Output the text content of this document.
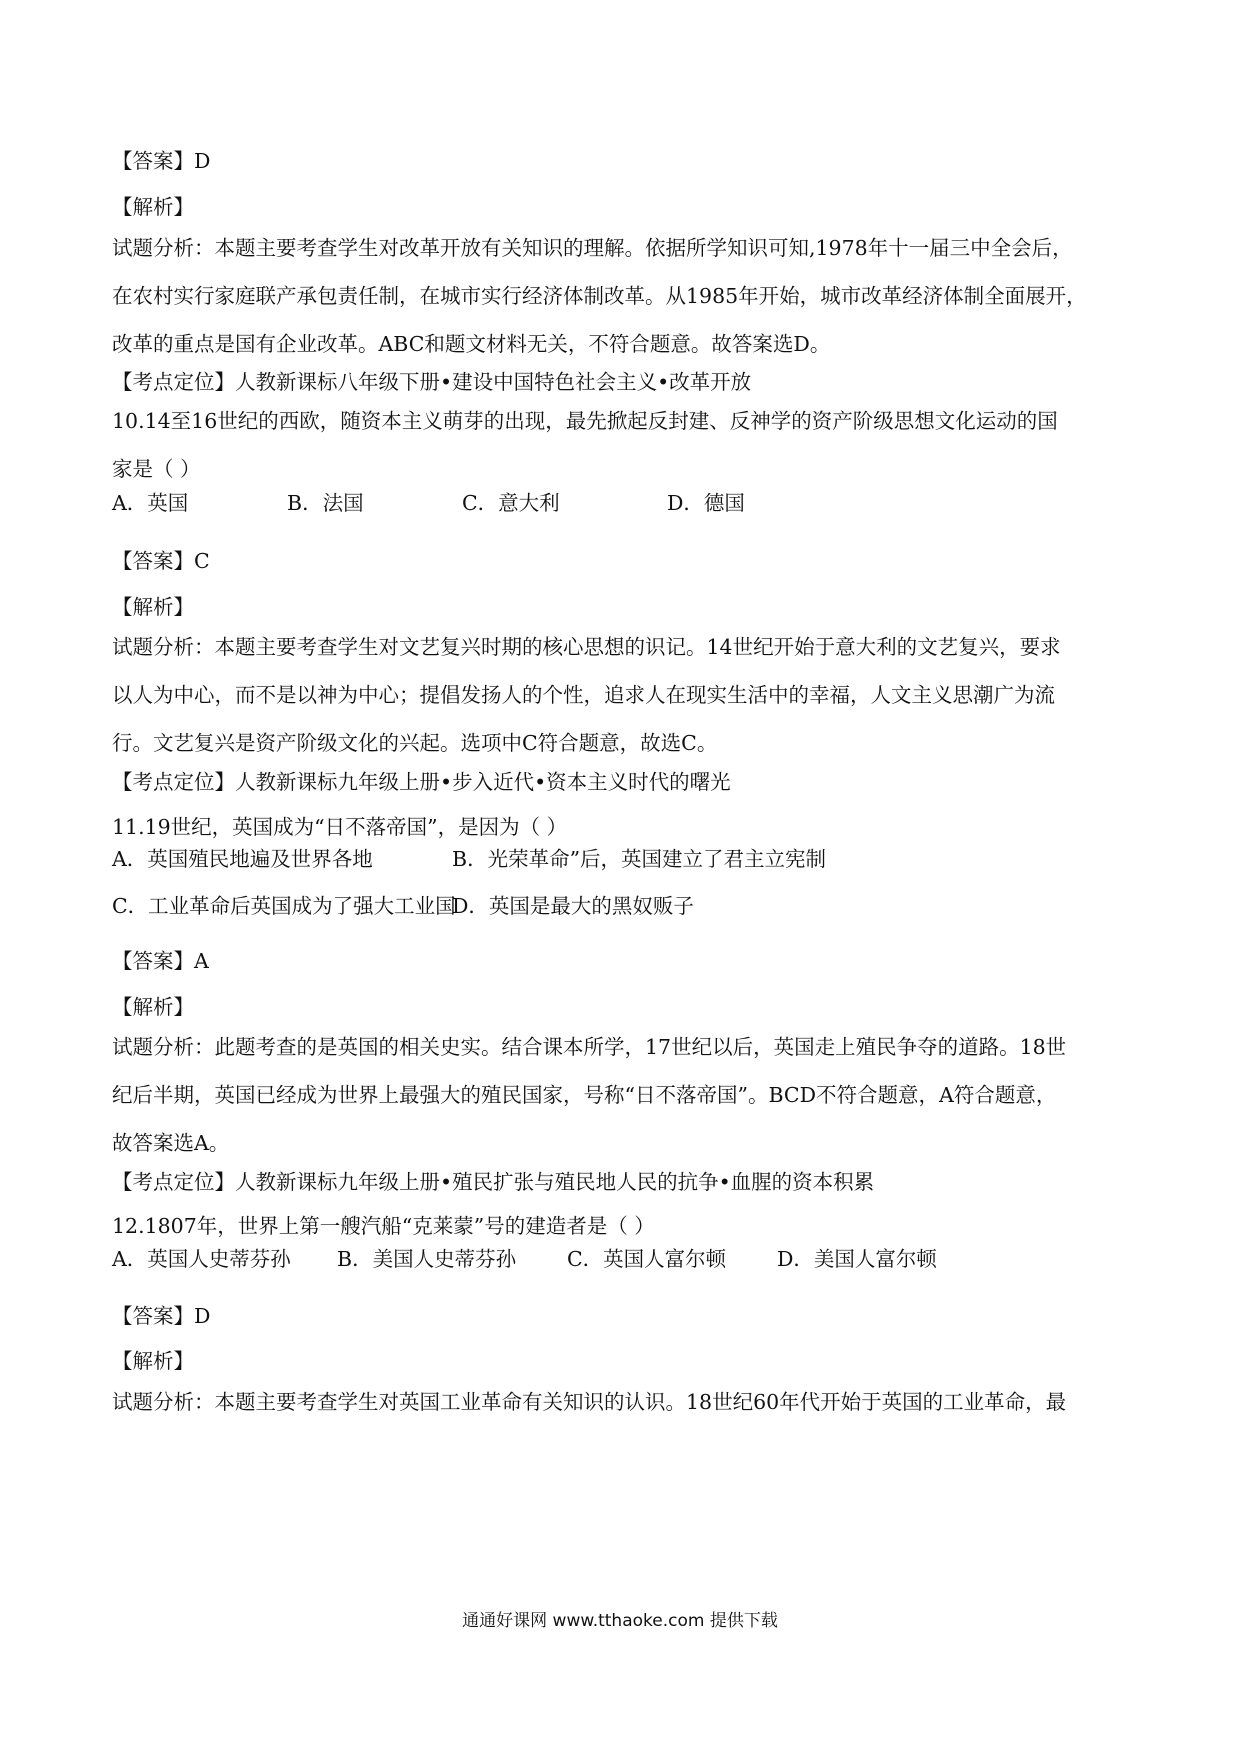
【答案】D
【解析】
试题分析：本题主要考查学生对改革开放有关知识的理解。依据所学知识可知,1978年十一届三中全会后，
在农村实行家庭联产承包责任制，在城市实行经济体制改革。从1985年开始，城市改革经济体制全面展开，
改革的重点是国有企业改革。ABC和题文材料无关，不符合题意。故答案选D。
【考点定位】人教新课标八年级下册•建设中国特色社会主义•改革开放
10.14至16世纪的西欧，随资本主义萌芽的出现，最先掀起反封建、反神学的资产阶级思想文化运动的国
家是（ ）
A．英国	B．法国	C．意大利	D．德国
【答案】C
【解析】
试题分析：本题主要考查学生对文艺复兴时期的核心思想的识记。14世纪开始于意大利的文艺复兴，要求
以人为中心，而不是以神为中心；提倡发扬人的个性，追求人在现实生活中的幸福，人文主义思潮广为流
行。文艺复兴是资产阶级文化的兴起。选项中C符合题意，故选C。
【考点定位】人教新课标九年级上册•步入近代•资本主义时代的曙光
11.19世纪，英国成为“日不落帝国”，是因为（ ）
A．英国殖民地遍及世界各地	B．光荣革命”后，英国建立了君主立宪制
C．工业革命后英国成为了强大工业国
D．英国是最大的黑奴贩子
【答案】A
【解析】
试题分析：此题考查的是英国的相关史实。结合课本所学，17世纪以后，英国走上殖民争夺的道路。18世
纪后半期，英国已经成为世界上最强大的殖民国家，号称“日不落帝国”。BCD不符合题意，A符合题意，
故答案选A。
【考点定位】人教新课标九年级上册•殖民扩张与殖民地人民的抗争•血腥的资本积累
12.1807年，世界上第一艘汽船“克莱蒙”号的建造者是（ ）
A．英国人史蒂芬孙 B．美国人史蒂芬孙 C．英国人富尔顿 D．美国人富尔顿
【答案】D
【解析】
试题分析：本题主要考查学生对英国工业革命有关知识的认识。18世纪60年代开始于英国的工业革命，最
通通好课网 www.tthaoke.com 提供下载
